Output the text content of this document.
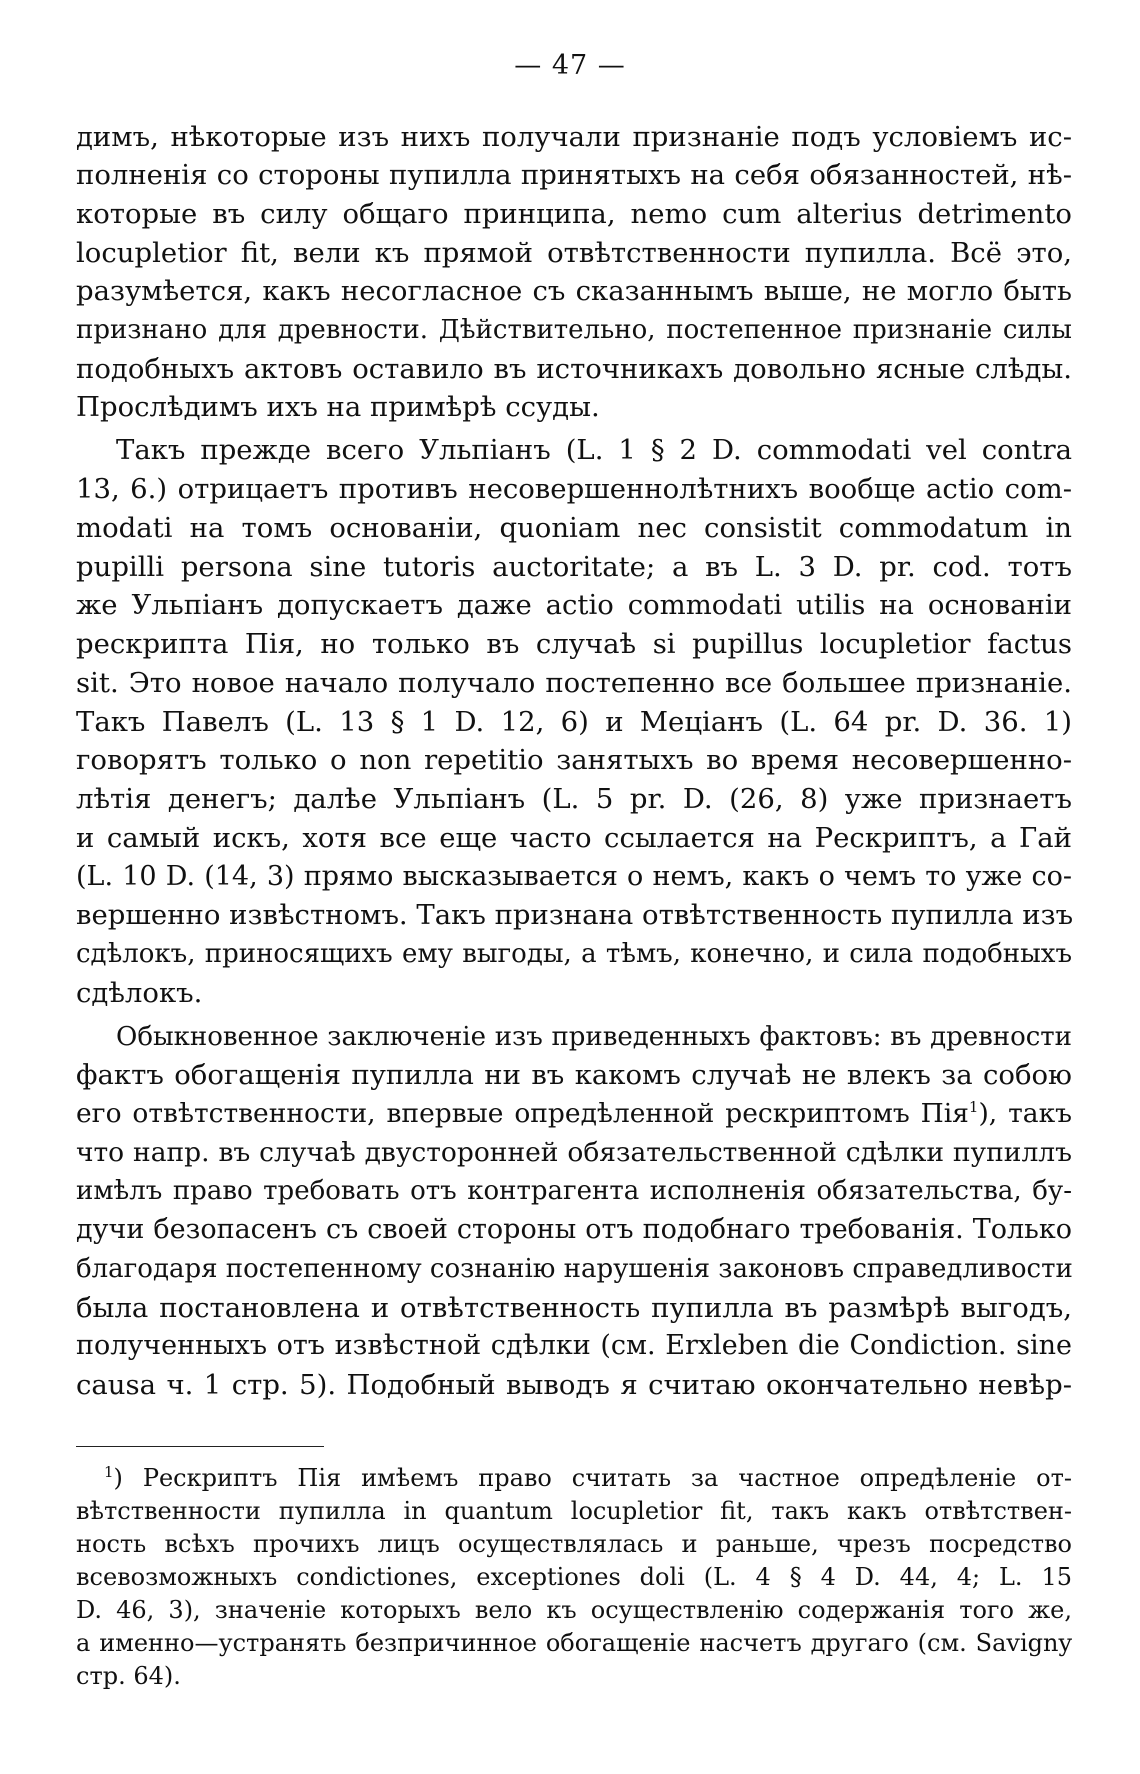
— 47 —
димъ, нѣкоторые изъ нихъ получали признаніе подъ условіемъ ис-
полненія со стороны пупилла принятыхъ на себя обязанностей, нѣ-
которые въ силу общаго принципа, nemo cum alterius detrimento
locupletior fit, вели къ прямой отвѣтственности пупилла. Всё это,
разумѣется, какъ несогласное съ сказаннымъ выше, не могло быть
признано для древности. Дѣйствительно, постепенное признаніе силы
подобныхъ актовъ оставило въ источникахъ довольно ясные слѣды.
Прослѣдимъ ихъ на примѣрѣ ссуды.
Такъ прежде всего Ульпіанъ (L. 1 § 2 D. commodati vel contra
13, 6.) отрицаетъ противъ несовершеннолѣтнихъ вообще actio com-
modati на томъ основаніи, quoniam nec consistit commodatum in
pupilli persona sine tutoris auctoritate; а въ L. 3 D. pr. cod. тотъ
же Ульпіанъ допускаетъ даже actio commodati utilis на основаніи
рескрипта Пія, но только въ случаѣ si pupillus locupletior factus
sit. Это новое начало получало постепенно все большее признаніе.
Такъ Павелъ (L. 13 § 1 D. 12, 6) и Меціанъ (L. 64 pr. D. 36. 1)
говорятъ только о non repetitio занятыхъ во время несовершенно-
лѣтія денегъ; далѣе Ульпіанъ (L. 5 pr. D. (26, 8) уже признаетъ
и самый искъ, хотя все еще часто ссылается на Рескриптъ, а Гай
(L. 10 D. (14, 3) прямо высказывается о немъ, какъ о чемъ то уже со-
вершенно извѣстномъ. Такъ признана отвѣтственность пупилла изъ
сдѣлокъ, приносящихъ ему выгоды, а тѣмъ, конечно, и сила подобныхъ
сдѣлокъ.
Обыкновенное заключеніе изъ приведенныхъ фактовъ: въ древности
фактъ обогащенія пупилла ни въ какомъ случаѣ не влекъ за собою
его отвѣтственности, впервые опредѣленной рескриптомъ Пія$^1$), такъ
что напр. въ случаѣ двусторонней обязательственной сдѣлки пупиллъ
имѣлъ право требовать отъ контрагента исполненія обязательства, бу-
дучи безопасенъ съ своей стороны отъ подобнаго требованія. Только
благодаря постепенному сознанію нарушенія законовъ справедливости
была постановлена и отвѣтственность пупилла въ размѣрѣ выгодъ,
полученныхъ отъ извѣстной сдѣлки (см. Erxleben die Condiction. sine
causa ч. 1 стр. 5). Подобный выводъ я считаю окончательно невѣр-
$^1$) Рескриптъ Пія имѣемъ право считать за частное опредѣленіе от-
вѣтственности пупилла in quantum locupletior fit, такъ какъ отвѣтствен-
ность всѣхъ прочихъ лицъ осуществлялась и раньше, чрезъ посредство
всевозможныхъ condictiones, exceptiones doli (L. 4 § 4 D. 44, 4; L. 15
D. 46, 3), значеніе которыхъ вело къ осуществленію содержанія того же,
а именно—устранять безпричинное обогащеніе насчетъ другаго (см. Savigny
стр. 64).
